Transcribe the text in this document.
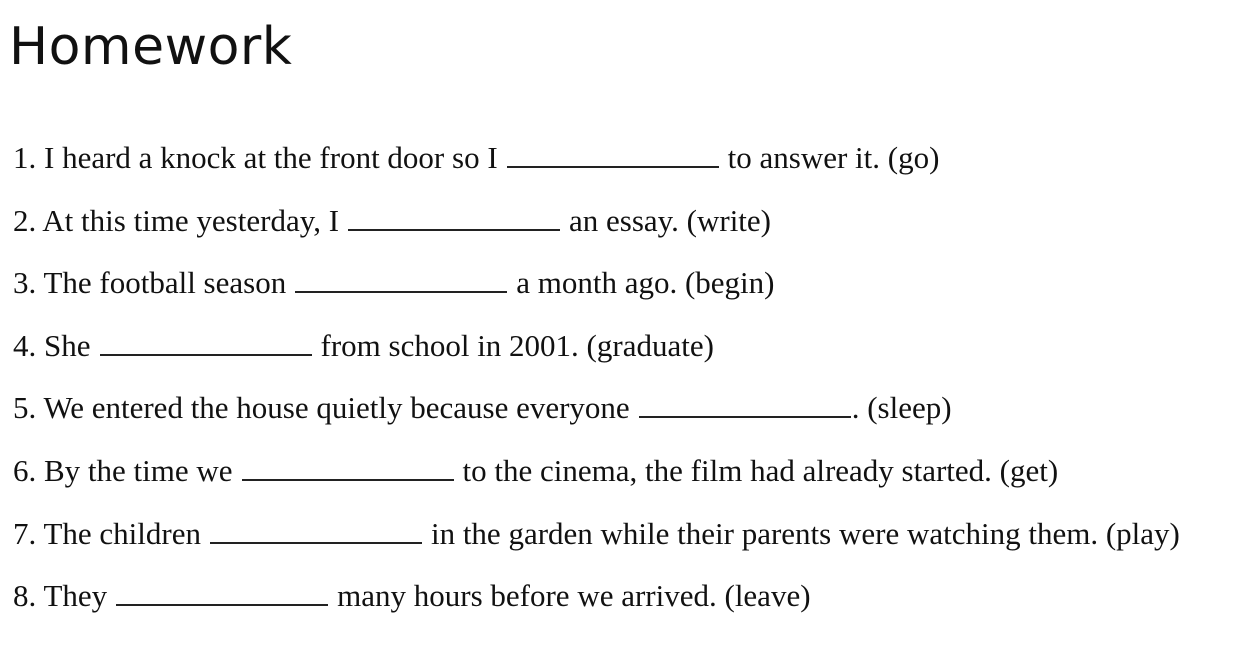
Homework
1. I heard a knock at the front door so I	to answer it. (go)
2. At this time yesterday, I	an essay. (write)
3. The football season	a month ago. (begin)
4. She	from school in 2001. (graduate)
5. We entered the house quietly because everyone	. (sleep)
6. By the time we	to the cinema, the film had already started. (get)
7. The children	in the garden while their parents were watching them. (play)
8. They	many hours before we arrived. (leave)
